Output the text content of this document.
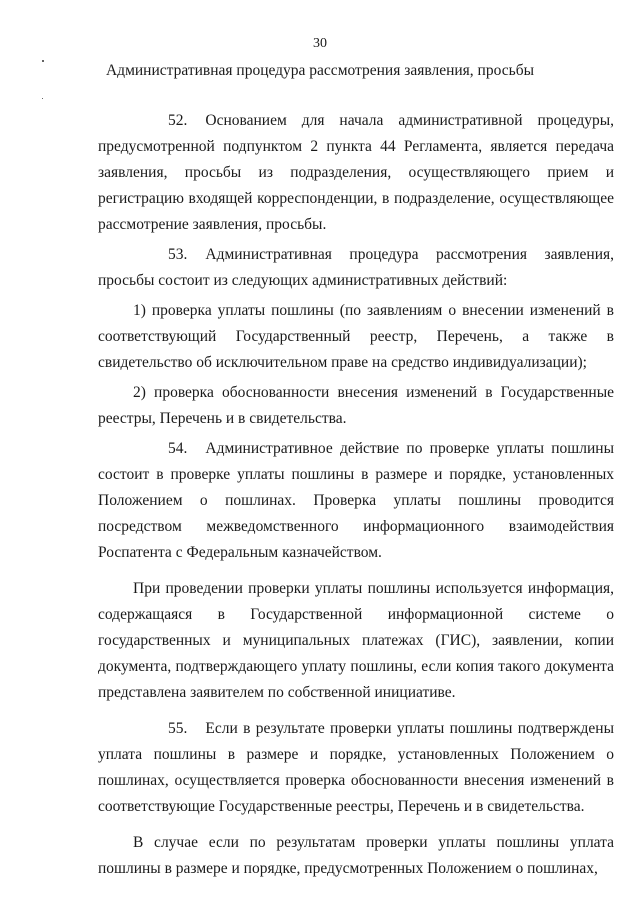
30
Административная процедура рассмотрения заявления, просьбы

52. Основанием для начала административной процедуры, предусмотренной подпунктом 2 пункта 44 Регламента, является передача заявления, просьбы из подразделения, осуществляющего прием и регистрацию входящей корреспонденции, в подразделение, осуществляющее рассмотрение заявления, просьбы.

53. Административная процедура рассмотрения заявления, просьбы состоит из следующих административных действий:

1) проверка уплаты пошлины (по заявлениям о внесении изменений в соответствующий Государственный реестр, Перечень, а также в свидетельство об исключительном праве на средство индивидуализации);

2) проверка обоснованности внесения изменений в Государственные реестры, Перечень и в свидетельства.

54. Административное действие по проверке уплаты пошлины состоит в проверке уплаты пошлины в размере и порядке, установленных Положением о пошлинах. Проверка уплаты пошлины проводится посредством межведомственного информационного взаимодействия Роспатента с Федеральным казначейством.

При проведении проверки уплаты пошлины используется информация, содержащаяся в Государственной информационной системе о государственных и муниципальных платежах (ГИС), заявлении, копии документа, подтверждающего уплату пошлины, если копия такого документа представлена заявителем по собственной инициативе.

55. Если в результате проверки уплаты пошлины подтверждены уплата пошлины в размере и порядке, установленных Положением о пошлинах, осуществляется проверка обоснованности внесения изменений в соответствующие Государственные реестры, Перечень и в свидетельства.

В случае если по результатам проверки уплаты пошлины уплата пошлины в размере и порядке, предусмотренных Положением о пошлинах,
